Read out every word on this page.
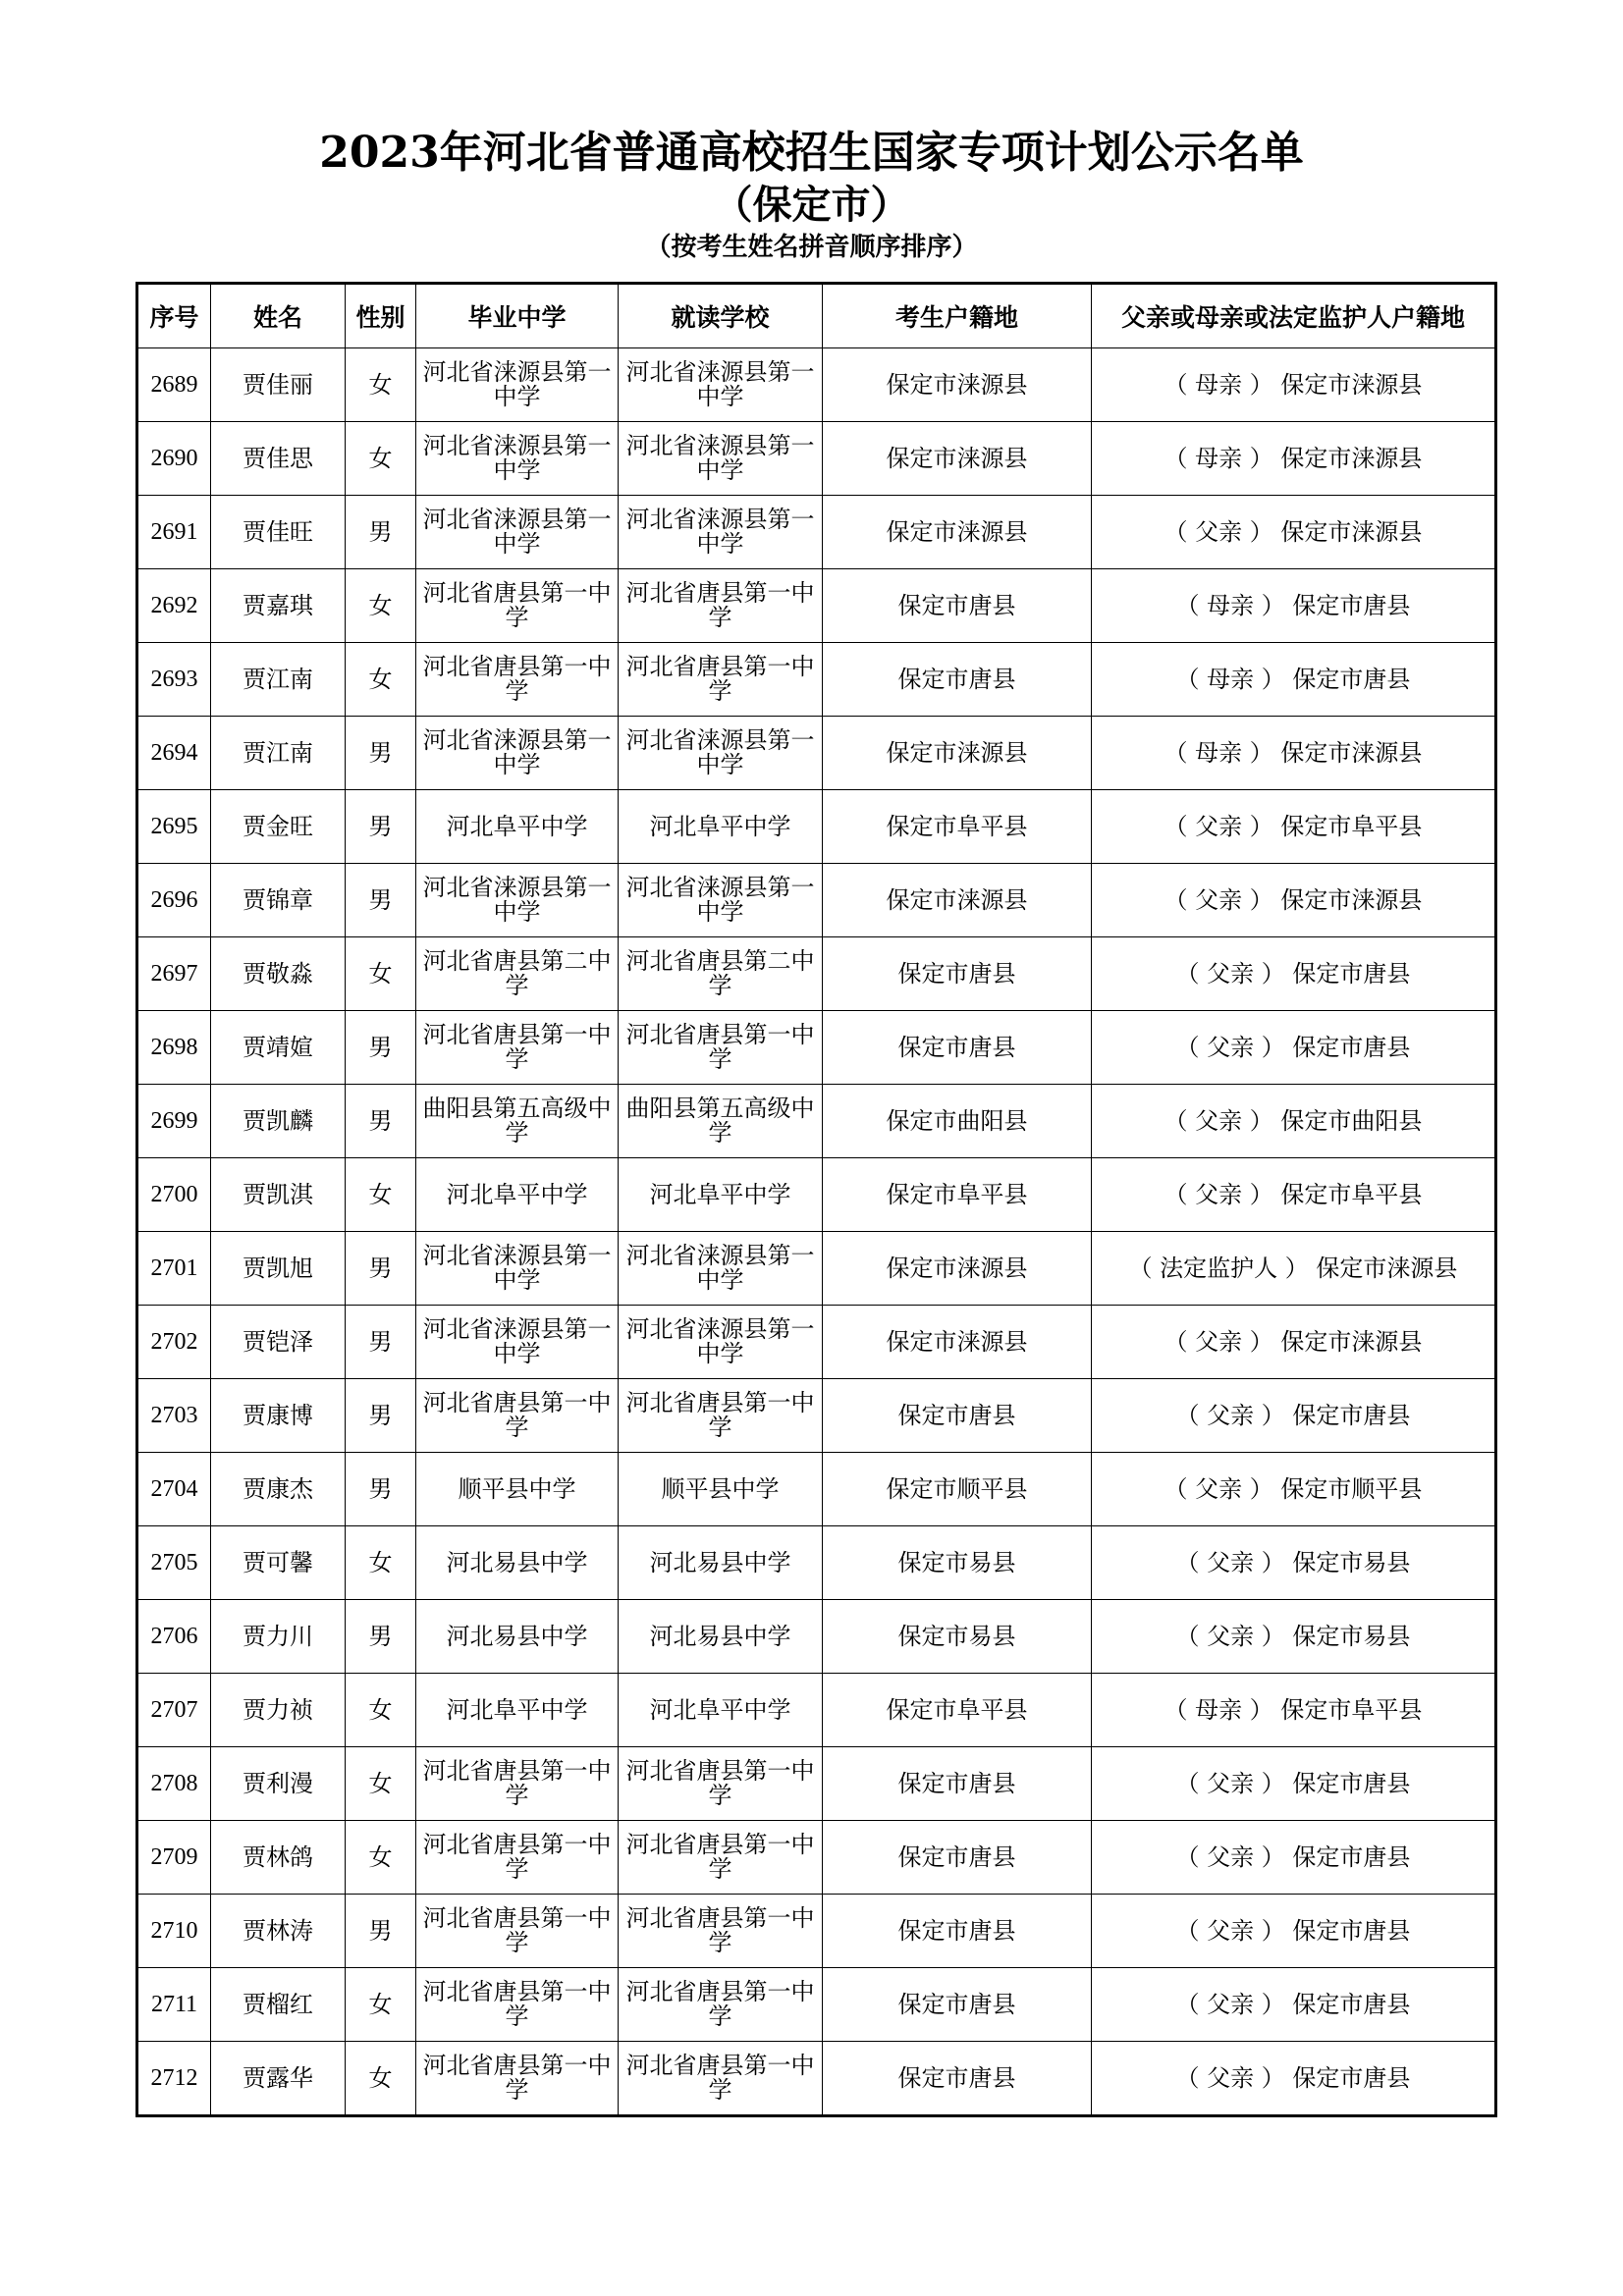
2023年河北省普通高校招生国家专项计划公示名单
（保定市）
（按考生姓名拼音顺序排序）
序号	姓名	性别	毕业中学	就读学校	考生户籍地	父亲或母亲或法定监护人户籍地
2689	贾佳丽	女	河北省涞源县第一中学	河北省涞源县第一中学	保定市涞源县	（ 母亲 ） 保定市涞源县
2690	贾佳思	女	河北省涞源县第一中学	河北省涞源县第一中学	保定市涞源县	（ 母亲 ） 保定市涞源县
2691	贾佳旺	男	河北省涞源县第一中学	河北省涞源县第一中学	保定市涞源县	（ 父亲 ） 保定市涞源县
2692	贾嘉琪	女	河北省唐县第一中学	河北省唐县第一中学	保定市唐县	（ 母亲 ） 保定市唐县
2693	贾江南	女	河北省唐县第一中学	河北省唐县第一中学	保定市唐县	（ 母亲 ） 保定市唐县
2694	贾江南	男	河北省涞源县第一中学	河北省涞源县第一中学	保定市涞源县	（ 母亲 ） 保定市涞源县
2695	贾金旺	男	河北阜平中学	河北阜平中学	保定市阜平县	（ 父亲 ） 保定市阜平县
2696	贾锦章	男	河北省涞源县第一中学	河北省涞源县第一中学	保定市涞源县	（ 父亲 ） 保定市涞源县
2697	贾敬淼	女	河北省唐县第二中学	河北省唐县第二中学	保定市唐县	（ 父亲 ） 保定市唐县
2698	贾靖媗	男	河北省唐县第一中学	河北省唐县第一中学	保定市唐县	（ 父亲 ） 保定市唐县
2699	贾凯麟	男	曲阳县第五高级中学	曲阳县第五高级中学	保定市曲阳县	（ 父亲 ） 保定市曲阳县
2700	贾凯淇	女	河北阜平中学	河北阜平中学	保定市阜平县	（ 父亲 ） 保定市阜平县
2701	贾凯旭	男	河北省涞源县第一中学	河北省涞源县第一中学	保定市涞源县	（ 法定监护人 ） 保定市涞源县
2702	贾铠泽	男	河北省涞源县第一中学	河北省涞源县第一中学	保定市涞源县	（ 父亲 ） 保定市涞源县
2703	贾康博	男	河北省唐县第一中学	河北省唐县第一中学	保定市唐县	（ 父亲 ） 保定市唐县
2704	贾康杰	男	顺平县中学	顺平县中学	保定市顺平县	（ 父亲 ） 保定市顺平县
2705	贾可馨	女	河北易县中学	河北易县中学	保定市易县	（ 父亲 ） 保定市易县
2706	贾力川	男	河北易县中学	河北易县中学	保定市易县	（ 父亲 ） 保定市易县
2707	贾力祯	女	河北阜平中学	河北阜平中学	保定市阜平县	（ 母亲 ） 保定市阜平县
2708	贾利漫	女	河北省唐县第一中学	河北省唐县第一中学	保定市唐县	（ 父亲 ） 保定市唐县
2709	贾林鸽	女	河北省唐县第一中学	河北省唐县第一中学	保定市唐县	（ 父亲 ） 保定市唐县
2710	贾林涛	男	河北省唐县第一中学	河北省唐县第一中学	保定市唐县	（ 父亲 ） 保定市唐县
2711	贾榴红	女	河北省唐县第一中学	河北省唐县第一中学	保定市唐县	（ 父亲 ） 保定市唐县
2712	贾露华	女	河北省唐县第一中学	河北省唐县第一中学	保定市唐县	（ 父亲 ） 保定市唐县
